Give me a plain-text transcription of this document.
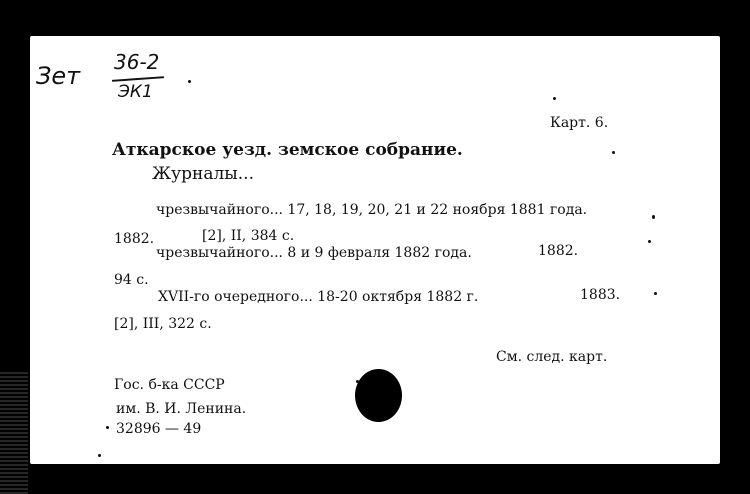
Зет 36-2
ЭК1
Карт. 6.
Аткарское уезд. земское собрание.
Журналы...
чрезвычайного... 17, 18, 19, 20, 21 и 22 ноября 1881 года.
1882.	[2], II, 384 с.
чрезвычайного... 8 и 9 февраля 1882 года.	1882.
94 с.
XVII-го очередного... 18-20 октября 1882 г.	1883.
[2], III, 322 с.
См. след. карт.
Гос. б-ка СССР
им. В. И. Ленина.
32896 — 49
